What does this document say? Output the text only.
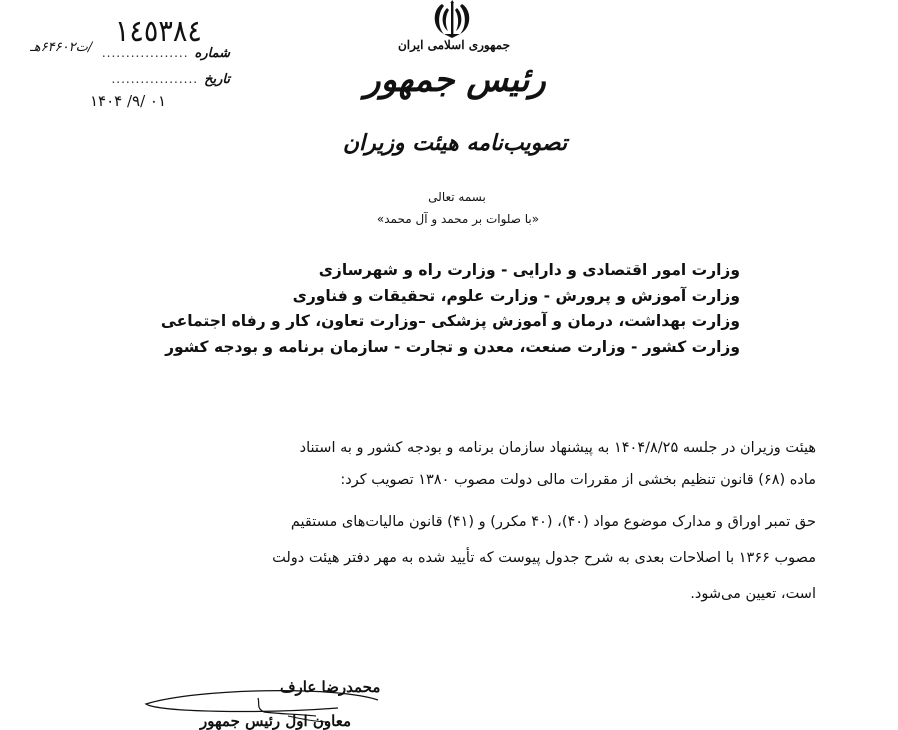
۱٤٥٣٨٤
شماره
..................
/ت۶۴۶۰۲هـ
تاریخ
..................
۱۴۰۴ /۹/ ۰۱
جمهوری اسلامی ایران
رئیس جمهور
تصویب‌نامه هیئت وزیران
بسمه تعالی
«با صلوات بر محمد و آل محمد»
وزارت امور اقتصادی و دارایی - وزارت راه و شهرسازی
وزارت آموزش و پرورش - وزارت علوم، تحقیقات و فناوری
وزارت بهداشت، درمان و آموزش پزشکی –وزارت تعاون، کار و رفاه اجتماعی
وزارت کشور - وزارت صنعت، معدن و تجارت - سازمان برنامه و بودجه کشور
هیئت وزیران در جلسه ۱۴۰۴/۸/۲۵ به پیشنهاد سازمان برنامه و بودجه کشور و به استناد
ماده (۶۸) قانون تنظیم بخشی از مقررات مالی دولت مصوب ۱۳۸۰ تصویب کرد:
حق تمبر اوراق و مدارک موضوع مواد (۴۰)، (۴۰ مکرر) و (۴۱) قانون مالیات‌های مستقیم
مصوب ۱۳۶۶ با اصلاحات بعدی به شرح جدول پیوست که تأیید شده به مهر دفتر هیئت دولت
است، تعیین می‌شود.
محمدرضا عارف
معاون اول رئیس جمهور
